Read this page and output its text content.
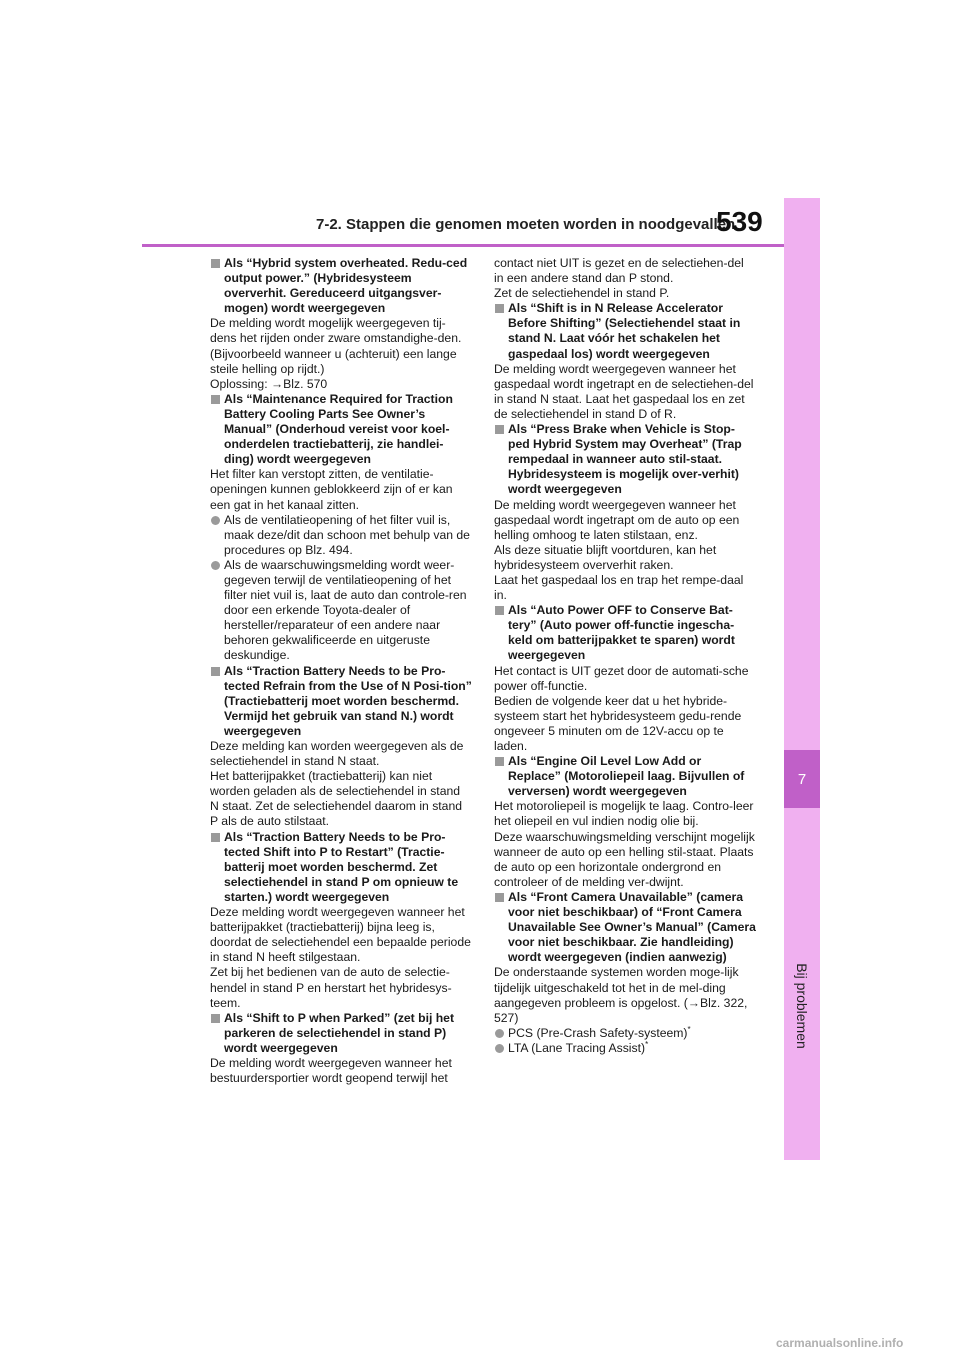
7
Bij problemen
7-2. Stappen die genomen moeten worden in noodgevallen
539

Als “Hybrid system overheated. Redu-ced output power.” (Hybridesysteem oververhit. Gereduceerd uitgangsver-mogen) wordt weergegeven

De melding wordt mogelijk weergegeven tij-dens het rijden onder zware omstandighe-den. (Bijvoorbeeld wanneer u (achteruit) een lange steile helling op rijdt.)

Oplossing: →Blz. 570

Als “Maintenance Required for Traction Battery Cooling Parts See Owner’s Manual” (Onderhoud vereist voor koel-onderdelen tractiebatterij, zie handlei-ding) wordt weergegeven

Het filter kan verstopt zitten, de ventilatie-openingen kunnen geblokkeerd zijn of er kan een gat in het kanaal zitten.

Als de ventilatieopening of het filter vuil is, maak deze/dit dan schoon met behulp van de procedures op Blz. 494.

Als de waarschuwingsmelding wordt weer-gegeven terwijl de ventilatieopening of het filter niet vuil is, laat de auto dan controle-ren door een erkende Toyota-dealer of hersteller/reparateur of een andere naar behoren gekwalificeerde en uitgeruste deskundige.

Als “Traction Battery Needs to be Pro-tected Refrain from the Use of N Posi-tion” (Tractiebatterij moet worden beschermd. Vermijd het gebruik van stand N.) wordt weergegeven

Deze melding kan worden weergegeven als de selectiehendel in stand N staat.

Het batterijpakket (tractiebatterij) kan niet worden geladen als de selectiehendel in stand N staat. Zet de selectiehendel daarom in stand P als de auto stilstaat.

Als “Traction Battery Needs to be Pro-tected Shift into P to Restart” (Tractie-batterij moet worden beschermd. Zet selectiehendel in stand P om opnieuw te starten.) wordt weergegeven

Deze melding wordt weergegeven wanneer het batterijpakket (tractiebatterij) bijna leeg is, doordat de selectiehendel een bepaalde periode in stand N heeft stilgestaan.

Zet bij het bedienen van de auto de selectie-hendel in stand P en herstart het hybridesys-teem.

Als “Shift to P when Parked” (zet bij het parkeren de selectiehendel in stand P) wordt weergegeven

De melding wordt weergegeven wanneer het bestuurdersportier wordt geopend terwijl het

contact niet UIT is gezet en de selectiehen-del in een andere stand dan P stond.

Zet de selectiehendel in stand P.

Als “Shift is in N Release Accelerator Before Shifting” (Selectiehendel staat in stand N. Laat vóór het schakelen het gaspedaal los) wordt weergegeven

De melding wordt weergegeven wanneer het gaspedaal wordt ingetrapt en de selectiehen-del in stand N staat. Laat het gaspedaal los en zet de selectiehendel in stand D of R.

Als “Press Brake when Vehicle is Stop-ped Hybrid System may Overheat” (Trap rempedaal in wanneer auto stil-staat. Hybridesysteem is mogelijk over-verhit) wordt weergegeven

De melding wordt weergegeven wanneer het gaspedaal wordt ingetrapt om de auto op een helling omhoog te laten stilstaan, enz.

Als deze situatie blijft voortduren, kan het hybridesysteem oververhit raken.

Laat het gaspedaal los en trap het rempe-daal in.

Als “Auto Power OFF to Conserve Bat-tery” (Auto power off-functie ingescha-keld om batterijpakket te sparen) wordt weergegeven

Het contact is UIT gezet door de automati-sche power off-functie.

Bedien de volgende keer dat u het hybride-systeem start het hybridesysteem gedu-rende ongeveer 5 minuten om de 12V-accu op te laden.

Als “Engine Oil Level Low Add or Replace” (Motoroliepeil laag. Bijvullen of verversen) wordt weergegeven

Het motoroliepeil is mogelijk te laag. Contro-leer het oliepeil en vul indien nodig olie bij.

Deze waarschuwingsmelding verschijnt mogelijk wanneer de auto op een helling stil-staat. Plaats de auto op een horizontale ondergrond en controleer of de melding ver-dwijnt.

Als “Front Camera Unavailable” (camera voor niet beschikbaar) of “Front Camera Unavailable See Owner’s Manual” (Camera voor niet beschikbaar. Zie handleiding) wordt weergegeven (indien aanwezig)

De onderstaande systemen worden moge-lijk tijdelijk uitgeschakeld tot het in de mel-ding aangegeven probleem is opgelost. (→Blz. 322, 527)

PCS (Pre-Crash Safety-systeem)*

LTA (Lane Tracing Assist)*

carmanualsonline.info
